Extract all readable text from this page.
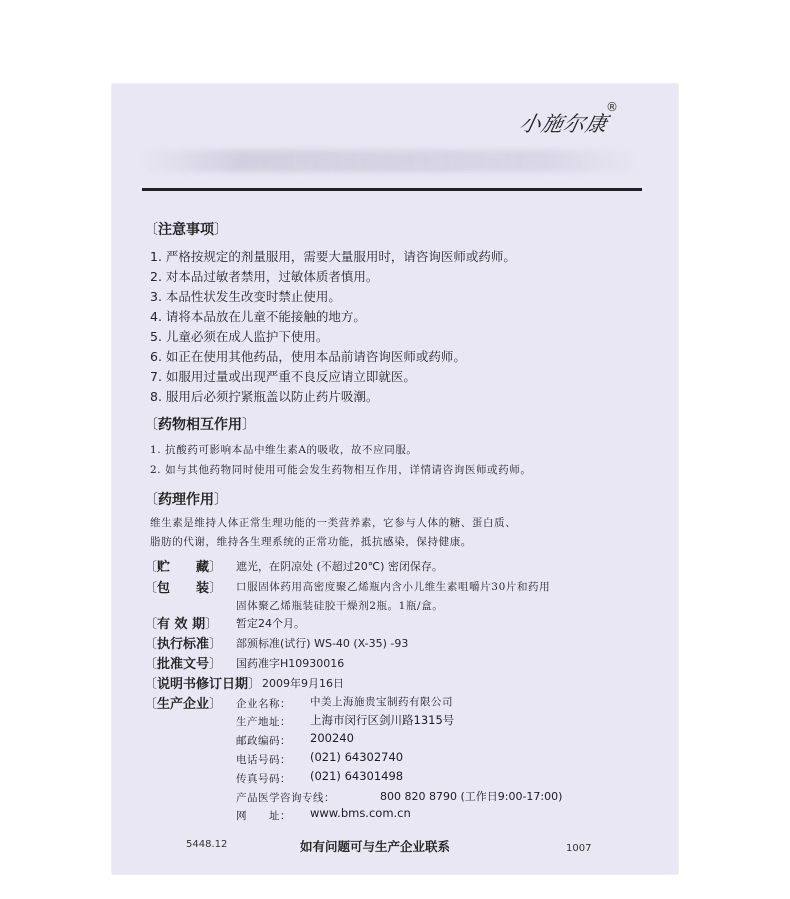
小施尔康
®
〔注意事项〕
1. 严格按规定的剂量服用，需要大量服用时，请咨询医师或药师。
2. 对本品过敏者禁用，过敏体质者慎用。
3. 本品性状发生改变时禁止使用。
4. 请将本品放在儿童不能接触的地方。
5. 儿童必须在成人监护下使用。
6. 如正在使用其他药品，使用本品前请咨询医师或药师。
7. 如服用过量或出现严重不良反应请立即就医。
8. 服用后必须拧紧瓶盖以防止药片吸潮。
〔药物相互作用〕
1. 抗酸药可影响本品中维生素A的吸收，故不应同服。
2. 如与其他药物同时使用可能会发生药物相互作用，详情请咨询医师或药师。
〔药理作用〕
维生素是维持人体正常生理功能的一类营养素，它参与人体的糖、蛋白质、
脂肪的代谢，维持各生理系统的正常功能，抵抗感染，保持健康。
〔贮　　藏〕 遮光，在阴凉处 (不超过20℃) 密闭保存。
〔包　　装〕 口服固体药用高密度聚乙烯瓶内含小儿维生素咀嚼片30片和药用
固体聚乙烯瓶装硅胶干燥剂2瓶。1瓶/盒。
〔有 效 期〕 暂定24个月。
〔执行标准〕 部颁标准(试行) WS-40 (X-35) -93
〔批准文号〕 国药准字H10930016
〔说明书修订日期〕 2009年9月16日
〔生产企业〕 企业名称： 中美上海施贵宝制药有限公司
生产地址： 上海市闵行区剑川路1315号
邮政编码： 200240
电话号码： (021) 64302740
传真号码： (021) 64301498
产品医学咨询专线：	800 820 8790 (工作日9:00-17:00)
网　　址： www.bms.com.cn
5448.12	如有问题可与生产企业联系	1007
